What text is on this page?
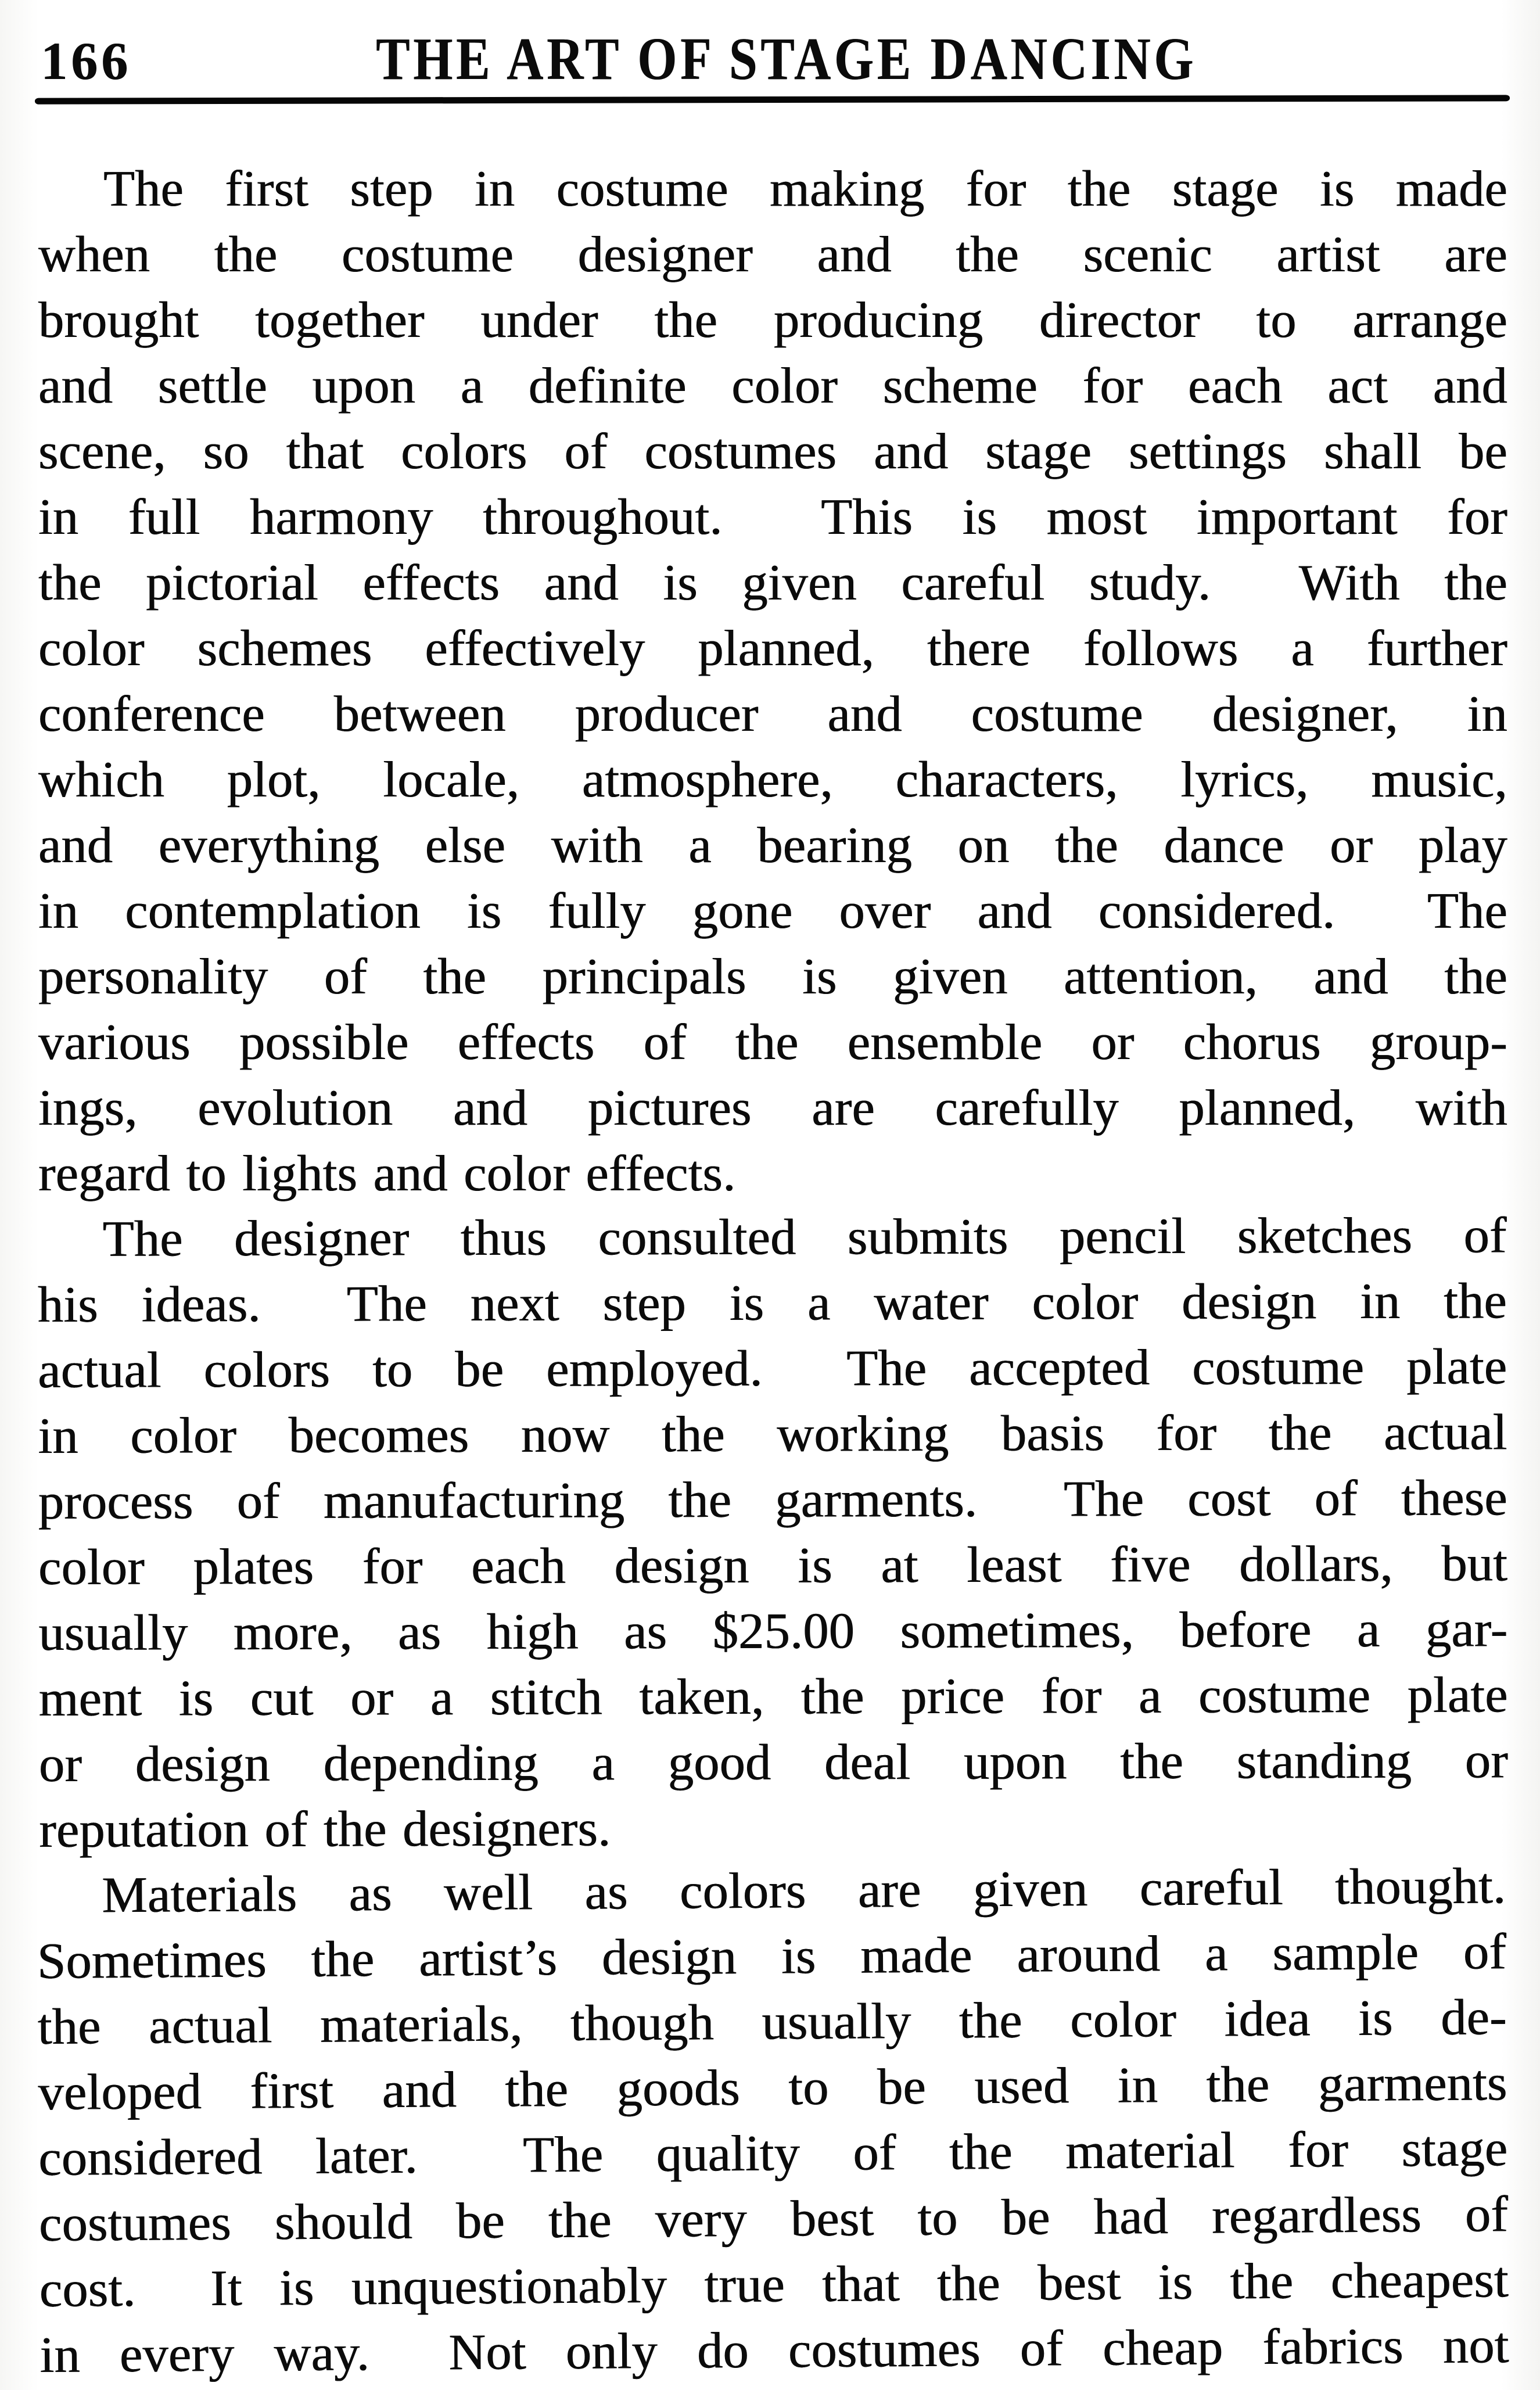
166	THE ART OF STAGE DANCING
The first step in costume making for the stage is made
when the costume designer and the scenic artist are
brought together under the producing director to arrange
and settle upon a definite color scheme for each act and
scene, so that colors of costumes and stage settings shall be
in full harmony throughout.  This is most important for
the pictorial effects and is given careful study.  With the
color schemes effectively planned, there follows a further
conference between producer and costume designer, in
which plot, locale, atmosphere, characters, lyrics, music,
and everything else with a bearing on the dance or play
in contemplation is fully gone over and considered.  The
personality of the principals is given attention, and the
various possible effects of the ensemble or chorus group-
ings, evolution and pictures are carefully planned, with
regard to lights and color effects.
The designer thus consulted submits pencil sketches of
his ideas.  The next step is a water color design in the
actual colors to be employed.  The accepted costume plate
in color becomes now the working basis for the actual
process of manufacturing the garments.  The cost of these
color plates for each design is at least five dollars, but
usually more, as high as $25.00 sometimes, before a gar-
ment is cut or a stitch taken, the price for a costume plate
or design depending a good deal upon the standing or
reputation of the designers.
Materials as well as colors are given careful thought.
Sometimes the artist’s design is made around a sample of
the actual materials, though usually the color idea is de-
veloped first and the goods to be used in the garments
considered later.  The quality of the material for stage
costumes should be the very best to be had regardless of
cost.  It is unquestionably true that the best is the cheapest
in every way.  Not only do costumes of cheap fabrics not
